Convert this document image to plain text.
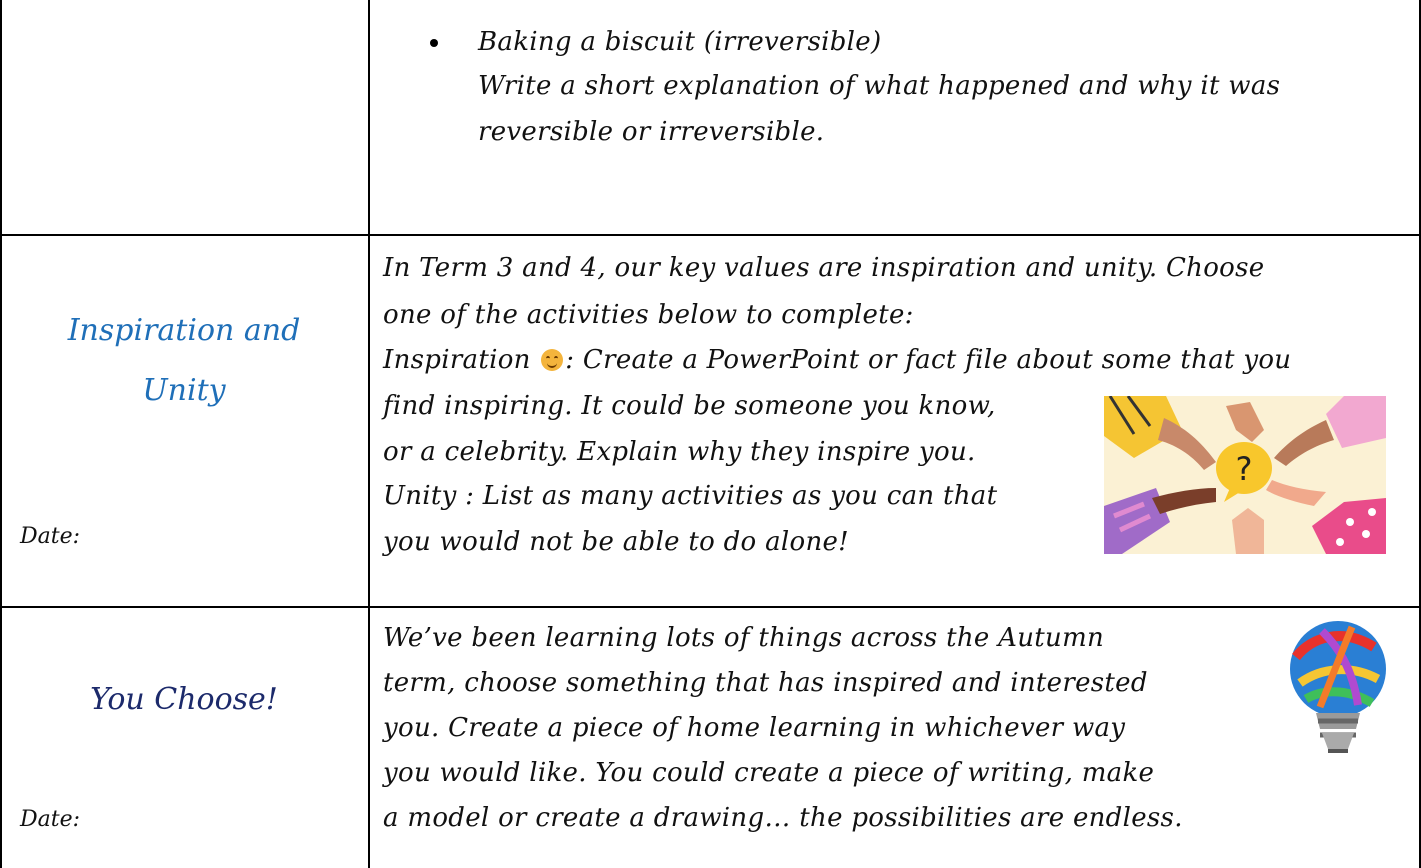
Baking a biscuit (irreversible)
Write a short explanation of what happened and why it was
reversible or irreversible.
Inspiration and
Unity
Date:
In Term 3 and 4, our key values are inspiration and unity. Choose
one of the activities below to complete:
Inspiration
: Create a PowerPoint or fact file about some that you
find inspiring. It could be someone you know,
or a celebrity. Explain why they inspire you.
Unity : List as many activities as you can that
you would not be able to do alone!
?
You Choose!
Date:
We’ve been learning lots of things across the Autumn
term, choose something that has inspired and interested
you. Create a piece of home learning in whichever way
you would like. You could create a piece of writing, make
a model or create a drawing… the possibilities are endless.
